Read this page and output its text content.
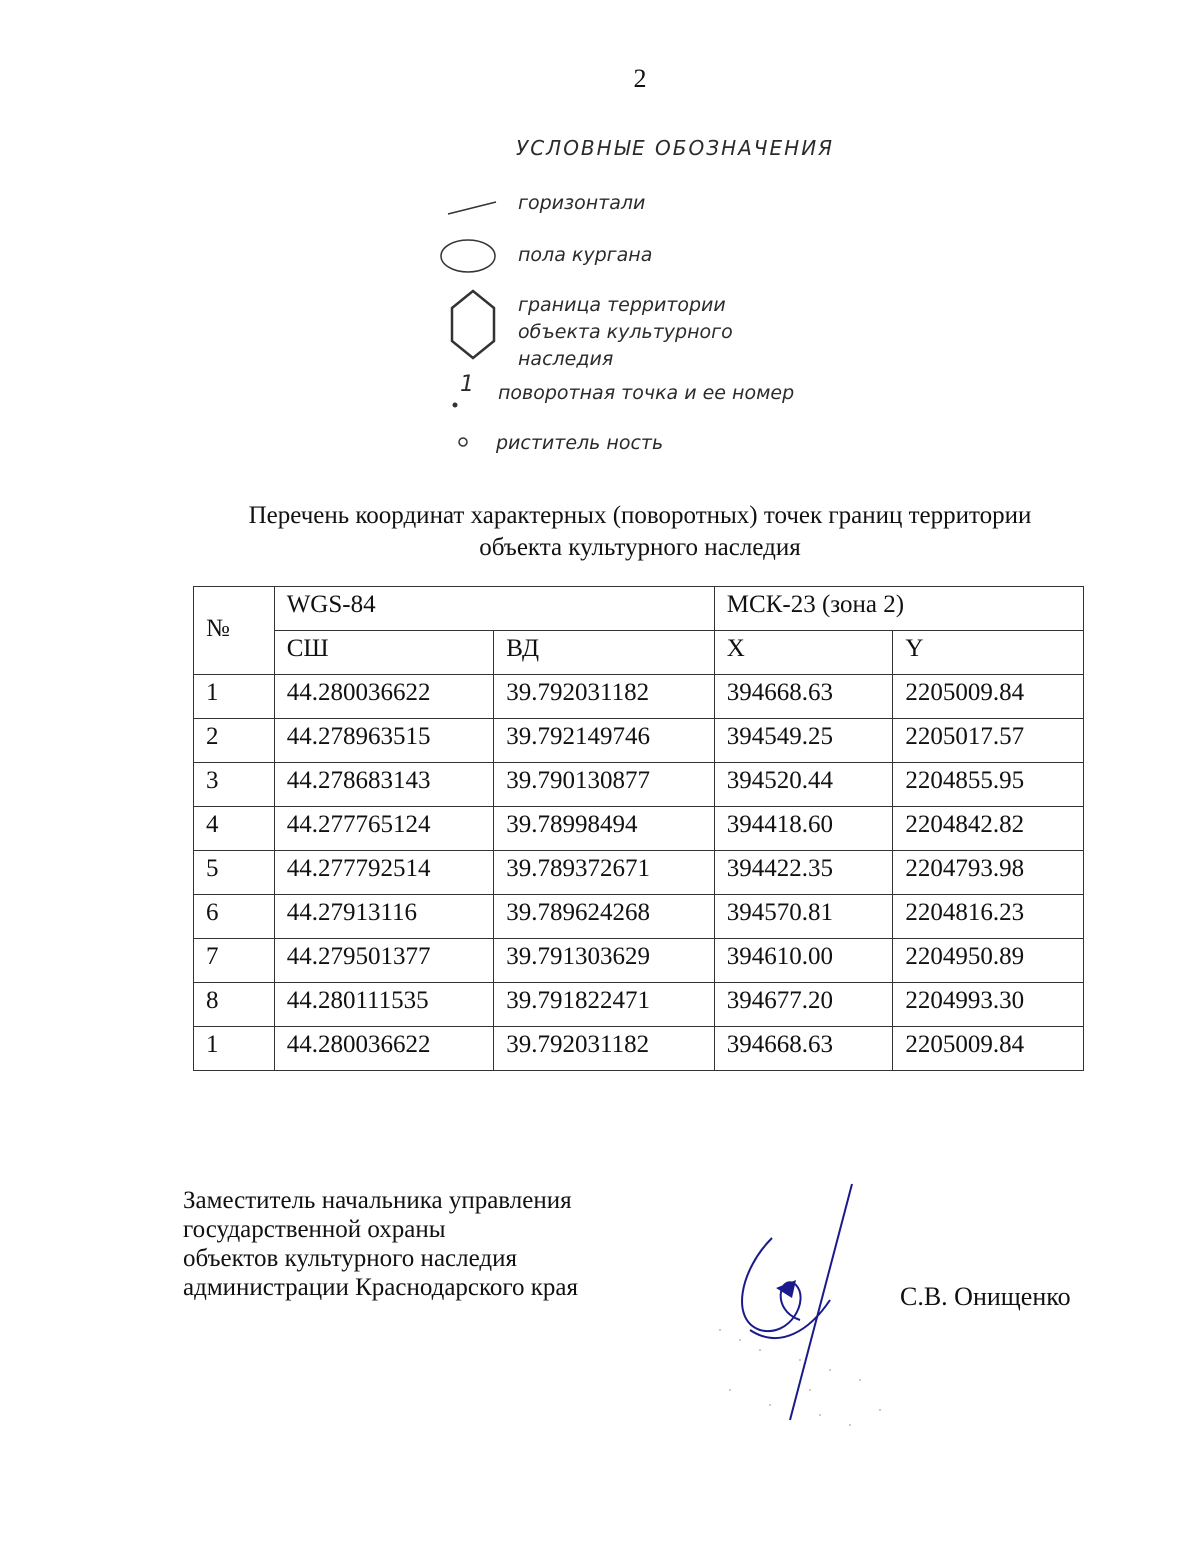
2
УСЛОВНЫЕ ОБОЗНАЧЕНИЯ
горизонтали
пола кургана
граница территории
объекта культурного
наследия
1 поворотная точка и ее номер
риститель ность
Перечень координат характерных (поворотных) точек границ территории
объекта культурного наследия
№	WGS-84		МСК-23 (зона 2)	
	СШ	ВД	X	Y
1	44.280036622	39.792031182	394668.63	2205009.84
2	44.278963515	39.792149746	394549.25	2205017.57
3	44.278683143	39.790130877	394520.44	2204855.95
4	44.277765124	39.78998494	394418.60	2204842.82
5	44.277792514	39.789372671	394422.35	2204793.98
6	44.27913116	39.789624268	394570.81	2204816.23
7	44.279501377	39.791303629	394610.00	2204950.89
8	44.280111535	39.791822471	394677.20	2204993.30
1	44.280036622	39.792031182	394668.63	2205009.84
Заместитель начальника управления
государственной охраны
объектов культурного наследия
администрации Краснодарского края	С.В. Онищенко
